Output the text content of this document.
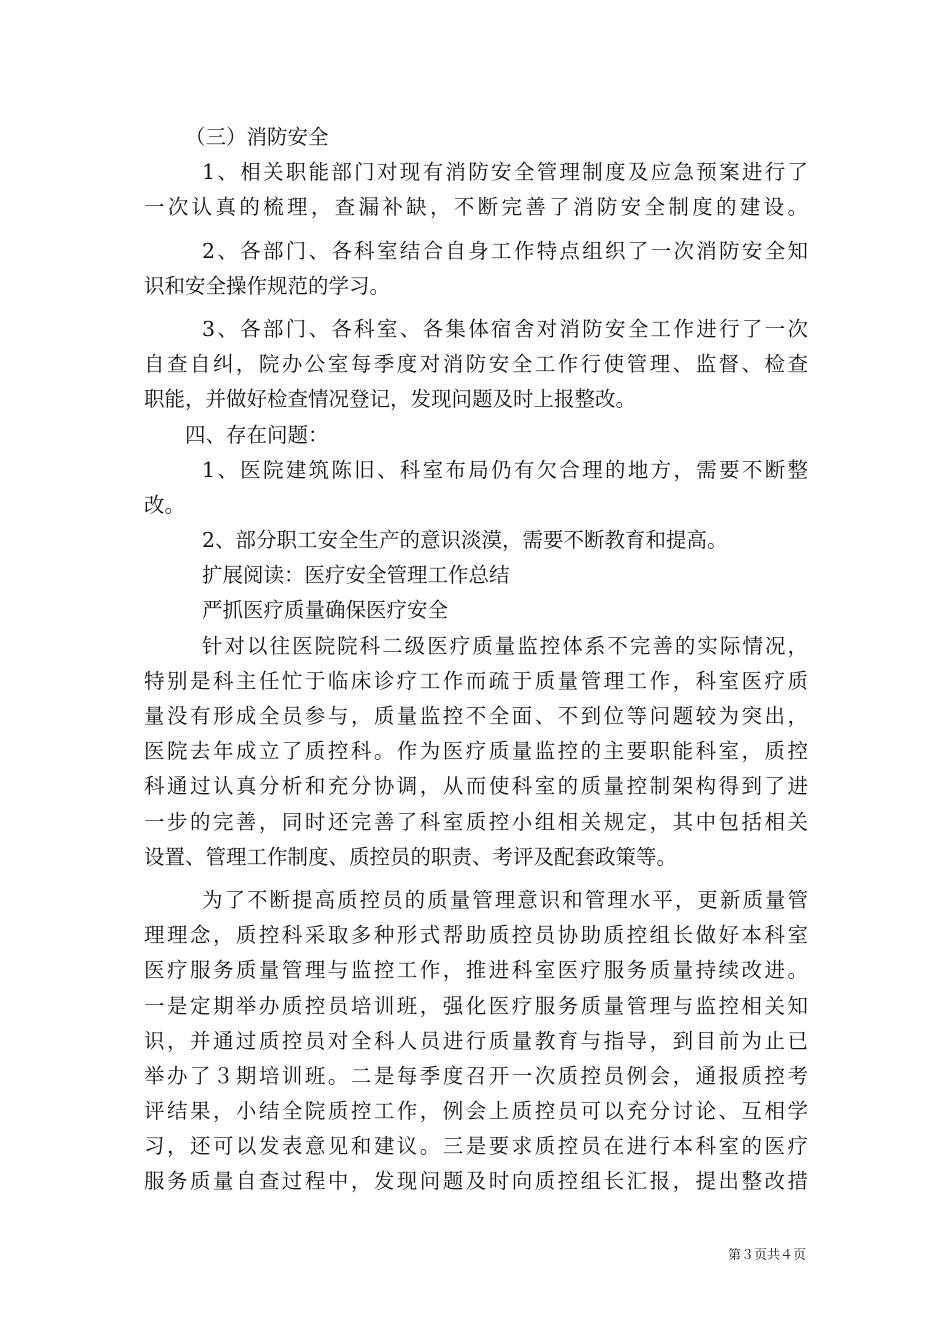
（三）消防安全
1、相关职能部门对现有消防安全管理制度及应急预案进行了
一次认真的梳理，查漏补缺，不断完善了消防安全制度的建设。
2、各部门、各科室结合自身工作特点组织了一次消防安全知
识和安全操作规范的学习。
3、各部门、各科室、各集体宿舍对消防安全工作进行了一次
自查自纠，院办公室每季度对消防安全工作行使管理、监督、检查
职能，并做好检查情况登记，发现问题及时上报整改。
四、存在问题：
1、医院建筑陈旧、科室布局仍有欠合理的地方，需要不断整
改。
2、部分职工安全生产的意识淡漠，需要不断教育和提高。
扩展阅读：医疗安全管理工作总结
严抓医疗质量确保医疗安全
针对以往医院院科二级医疗质量监控体系不完善的实际情况，
特别是科主任忙于临床诊疗工作而疏于质量管理工作，科室医疗质
量没有形成全员参与，质量监控不全面、不到位等问题较为突出，
医院去年成立了质控科。作为医疗质量监控的主要职能科室，质控
科通过认真分析和充分协调，从而使科室的质量控制架构得到了进
一步的完善，同时还完善了科室质控小组相关规定，其中包括相关
设置、管理工作制度、质控员的职责、考评及配套政策等。
为了不断提高质控员的质量管理意识和管理水平，更新质量管
理理念，质控科采取多种形式帮助质控员协助质控组长做好本科室
医疗服务质量管理与监控工作，推进科室医疗服务质量持续改进。
一是定期举办质控员培训班，强化医疗服务质量管理与监控相关知
识，并通过质控员对全科人员进行质量教育与指导，到目前为止已
举办了３期培训班。二是每季度召开一次质控员例会，通报质控考
评结果，小结全院质控工作，例会上质控员可以充分讨论、互相学
习，还可以发表意见和建议。三是要求质控员在进行本科室的医疗
服务质量自查过程中，发现问题及时向质控组长汇报，提出整改措
第３页共４页
